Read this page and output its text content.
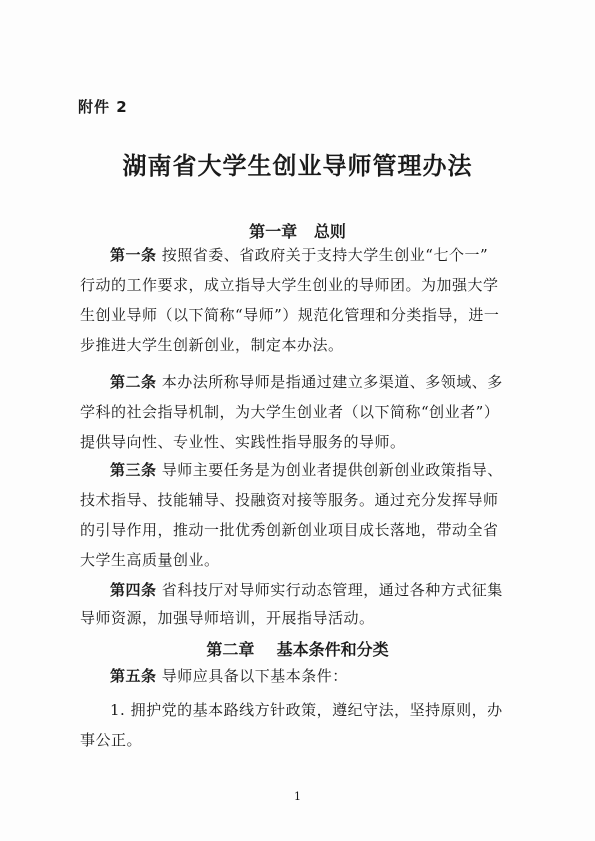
附件 2
湖南省大学生创业导师管理办法
第一章   总则
第一条 按照省委、省政府关于支持大学生创业“七个一”
行动的工作要求，成立指导大学生创业的导师团。为加强大学
生创业导师（以下简称“导师”）规范化管理和分类指导，进一
步推进大学生创新创业，制定本办法。
第二条 本办法所称导师是指通过建立多渠道、多领域、多
学科的社会指导机制，为大学生创业者（以下简称“创业者”）
提供导向性、专业性、实践性指导服务的导师。
第三条 导师主要任务是为创业者提供创新创业政策指导、
技术指导、技能辅导、投融资对接等服务。通过充分发挥导师
的引导作用，推动一批优秀创新创业项目成长落地，带动全省
大学生高质量创业。
第四条 省科技厅对导师实行动态管理，通过各种方式征集
导师资源，加强导师培训，开展指导活动。
第二章    基本条件和分类
第五条 导师应具备以下基本条件：
1. 拥护党的基本路线方针政策，遵纪守法，坚持原则，办
事公正。
1
